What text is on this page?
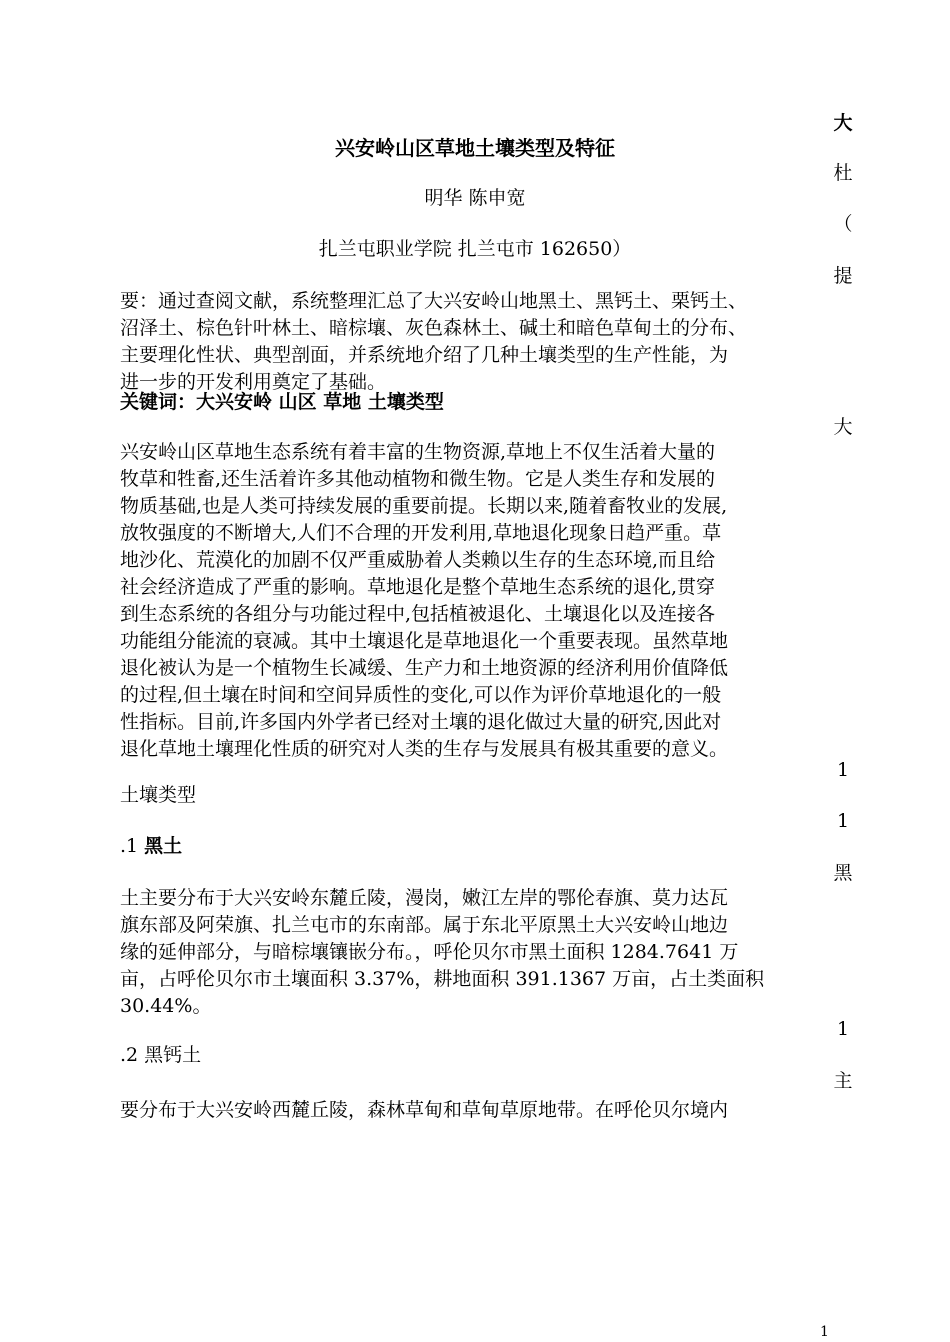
大

杜

（

提

大

1

1

黑

1

主

兴安岭山区草地土壤类型及特征

明华 陈申宽

扎兰屯职业学院 扎兰屯市 162650）

要：通过查阅文献，系统整理汇总了大兴安岭山地黑土、黑钙土、栗钙土、
沼泽土、棕色针叶林土、暗棕壤、灰色森林土、碱土和暗色草甸土的分布、
主要理化性状、典型剖面，并系统地介绍了几种土壤类型的生产性能，为
进一步的开发利用奠定了基础。

关键词：大兴安岭 山区 草地 土壤类型

兴安岭山区草地生态系统有着丰富的生物资源,草地上不仅生活着大量的
牧草和牲畜,还生活着许多其他动植物和微生物。它是人类生存和发展的
物质基础,也是人类可持续发展的重要前提。长期以来,随着畜牧业的发展,
放牧强度的不断增大,人们不合理的开发利用,草地退化现象日趋严重。草
地沙化、荒漠化的加剧不仅严重威胁着人类赖以生存的生态环境,而且给
社会经济造成了严重的影响。草地退化是整个草地生态系统的退化,贯穿
到生态系统的各组分与功能过程中,包括植被退化、土壤退化以及连接各
功能组分能流的衰减。其中土壤退化是草地退化一个重要表现。虽然草地
退化被认为是一个植物生长减缓、生产力和土地资源的经济利用价值降低
的过程,但土壤在时间和空间异质性的变化,可以作为评价草地退化的一般
性指标。目前,许多国内外学者已经对土壤的退化做过大量的研究,因此对
退化草地土壤理化性质的研究对人类的生存与发展具有极其重要的意义。

土壤类型

.1 黑土

土主要分布于大兴安岭东麓丘陵，漫岗，嫩江左岸的鄂伦春旗、莫力达瓦
旗东部及阿荣旗、扎兰屯市的东南部。属于东北平原黑土大兴安岭山地边
缘的延伸部分，与暗棕壤镶嵌分布。，呼伦贝尔市黑土面积 1284.7641 万
亩，占呼伦贝尔市土壤面积 3.37%，耕地面积 391.1367 万亩，占土类面积
30.44%。

.2 黑钙土

要分布于大兴安岭西麓丘陵，森林草甸和草甸草原地带。在呼伦贝尔境内

1
